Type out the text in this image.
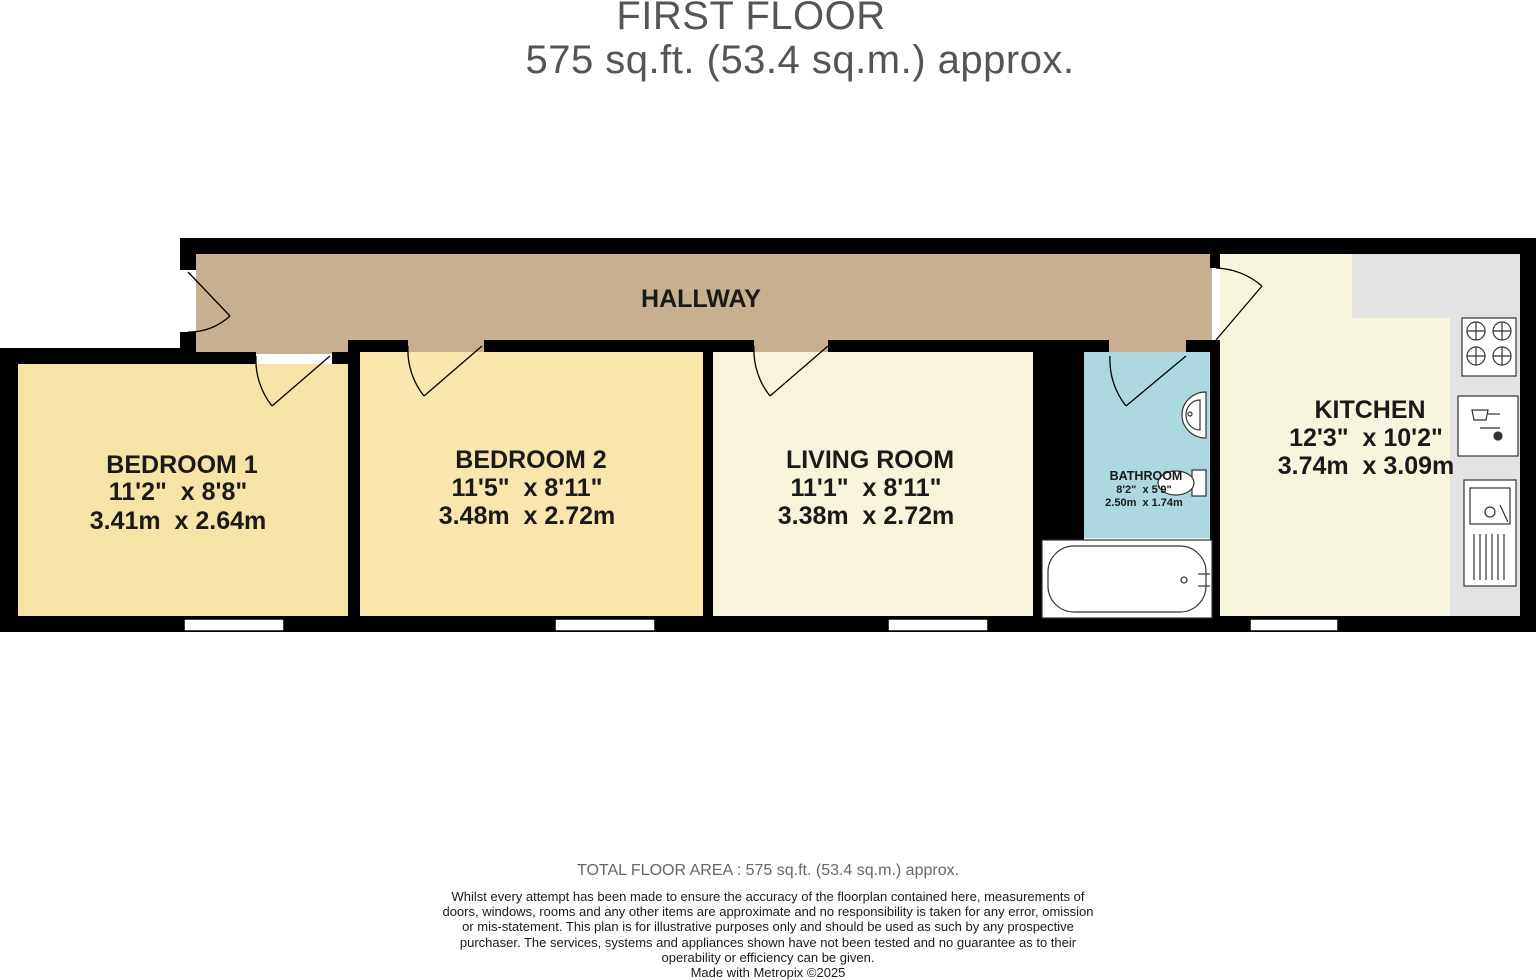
FIRST FLOOR
575 sq.ft. (53.4 sq.m.) approx.
HALLWAY
BEDROOM 1
11'2"  x 8'8"
3.41m  x 2.64m
BEDROOM 2
11'5"  x 8'11"
3.48m  x 2.72m
LIVING ROOM
11'1"  x 8'11"
3.38m  x 2.72m
BATHROOM
8'2"  x 5'9"
2.50m  x 1.74m
KITCHEN
12'3"  x 10'2"
3.74m  x 3.09m
TOTAL FLOOR AREA : 575 sq.ft. (53.4 sq.m.) approx.
Whilst every attempt has been made to ensure the accuracy of the floorplan contained here, measurements of doors, windows, rooms and any other items are approximate and no responsibility is taken for any error, omission or mis-statement. This plan is for illustrative purposes only and should be used as such by any prospective purchaser. The services, systems and appliances shown have not been tested and no guarantee as to their operability or efficiency can be given.
Made with Metropix ©2025
